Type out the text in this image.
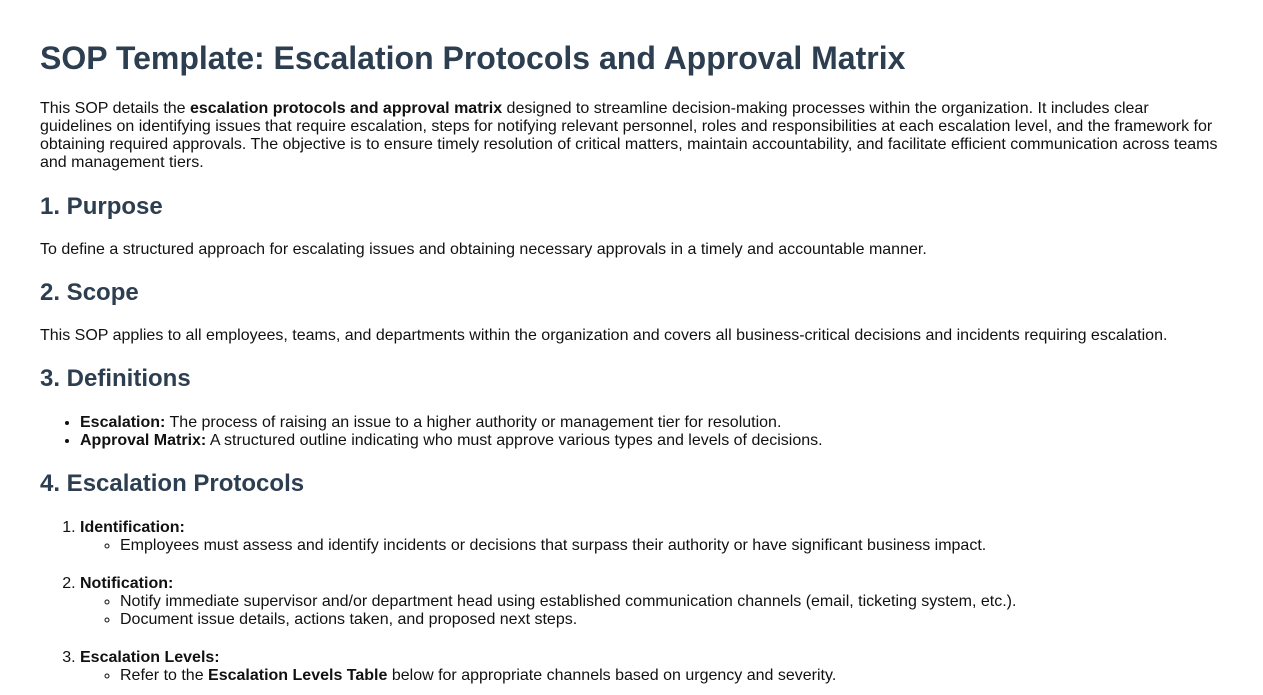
SOP Template: Escalation Protocols and Approval Matrix

This SOP details the escalation protocols and approval matrix designed to streamline decision-making processes within the organization. It includes clear guidelines on identifying issues that require escalation, steps for notifying relevant personnel, roles and responsibilities at each escalation level, and the framework for obtaining required approvals. The objective is to ensure timely resolution of critical matters, maintain accountability, and facilitate efficient communication across teams and management tiers.

1. Purpose

To define a structured approach for escalating issues and obtaining necessary approvals in a timely and accountable manner.

2. Scope

This SOP applies to all employees, teams, and departments within the organization and covers all business-critical decisions and incidents requiring escalation.

3. Definitions
• Escalation: The process of raising an issue to a higher authority or management tier for resolution.
• Approval Matrix: A structured outline indicating who must approve various types and levels of decisions.
4. Escalation Protocols
1. Identification:
◦ Employees must assess and identify incidents or decisions that surpass their authority or have significant business impact.
2. Notification:
◦ Notify immediate supervisor and/or department head using established communication channels (email, ticketing system, etc.).
◦ Document issue details, actions taken, and proposed next steps.
3. Escalation Levels:
◦ Refer to the Escalation Levels Table below for appropriate channels based on urgency and severity.
